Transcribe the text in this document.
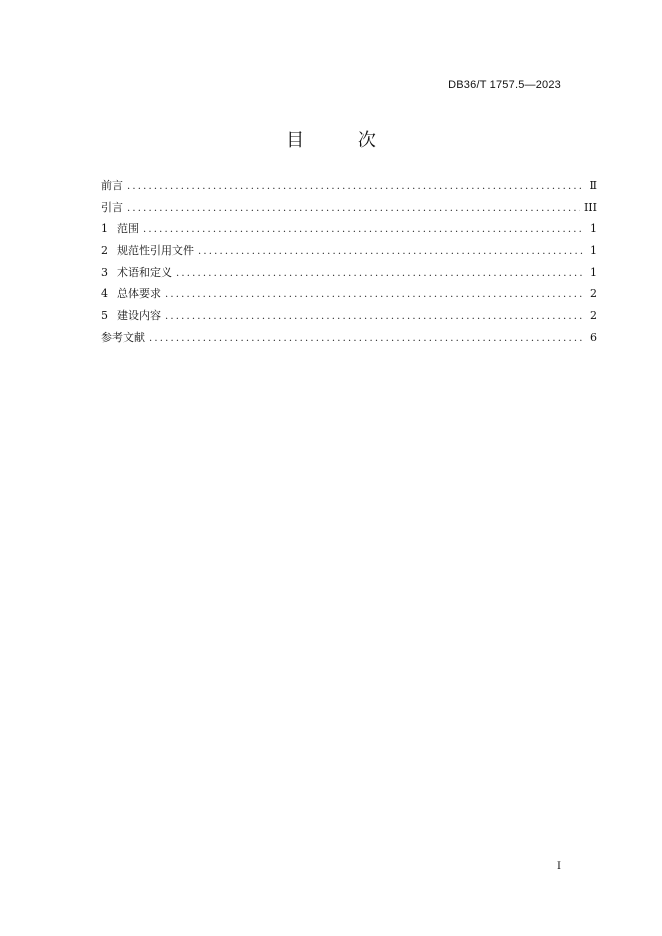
DB36/T 1757.5—2023
目 次
前言 .....	Ⅱ
引言 .....	III
1 范围 .....	1
2 规范性引用文件 .....	1
3 术语和定义 .....	1
4 总体要求 .....	2
5 建设内容 .....	2
参考文献 .....	6
I
